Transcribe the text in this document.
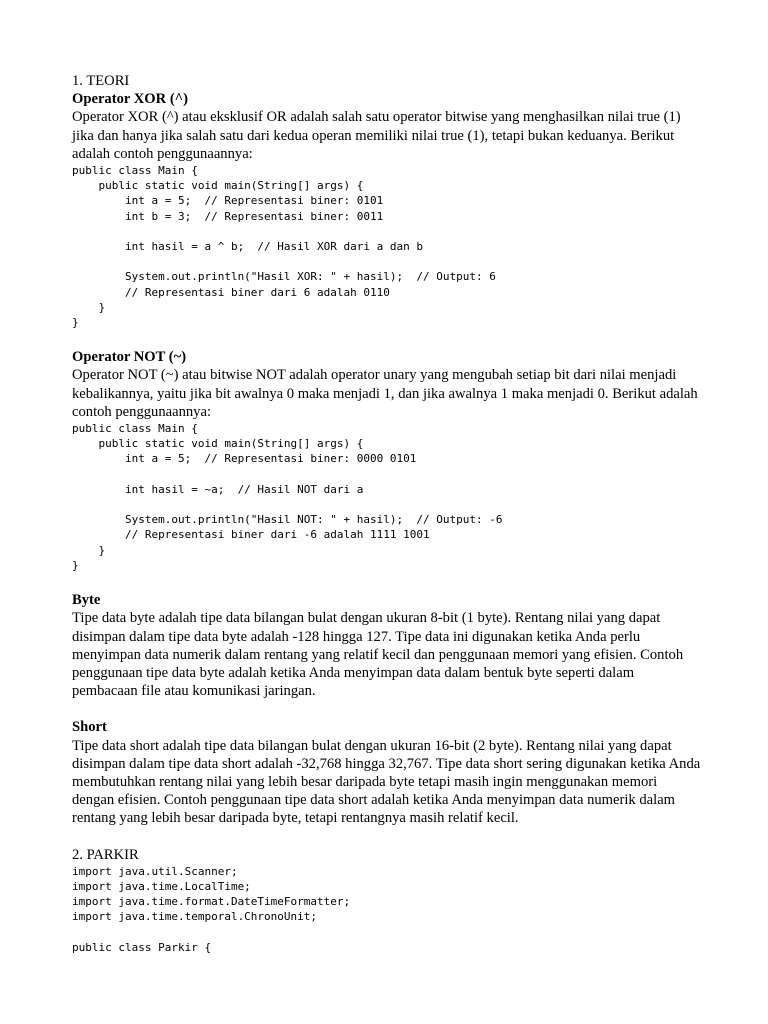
1. TEORI

Operator XOR (^)

Operator XOR (^) atau eksklusif OR adalah salah satu operator bitwise yang menghasilkan nilai true (1) jika dan hanya jika salah satu dari kedua operan memiliki nilai true (1), tetapi bukan keduanya. Berikut adalah contoh penggunaannya:

public class Main {
public static void main(String[] args) {
int a = 5;  // Representasi biner: 0101
int b = 3;  // Representasi biner: 0011

int hasil = a ^ b;  // Hasil XOR dari a dan b

System.out.println("Hasil XOR: " + hasil);  // Output: 6
// Representasi biner dari 6 adalah 0110
}
}

Operator NOT (~)

Operator NOT (~) atau bitwise NOT adalah operator unary yang mengubah setiap bit dari nilai menjadi kebalikannya, yaitu jika bit awalnya 0 maka menjadi 1, dan jika awalnya 1 maka menjadi 0. Berikut adalah contoh penggunaannya:

public class Main {
public static void main(String[] args) {
int a = 5;  // Representasi biner: 0000 0101

int hasil = ~a;  // Hasil NOT dari a

System.out.println("Hasil NOT: " + hasil);  // Output: -6
// Representasi biner dari -6 adalah 1111 1001
}
}

Byte

Tipe data byte adalah tipe data bilangan bulat dengan ukuran 8-bit (1 byte). Rentang nilai yang dapat disimpan dalam tipe data byte adalah -128 hingga 127. Tipe data ini digunakan ketika Anda perlu menyimpan data numerik dalam rentang yang relatif kecil dan penggunaan memori yang efisien. Contoh penggunaan tipe data byte adalah ketika Anda menyimpan data dalam bentuk byte seperti dalam pembacaan file atau komunikasi jaringan.

Short

Tipe data short adalah tipe data bilangan bulat dengan ukuran 16-bit (2 byte). Rentang nilai yang dapat disimpan dalam tipe data short adalah -32,768 hingga 32,767. Tipe data short sering digunakan ketika Anda membutuhkan rentang nilai yang lebih besar daripada byte tetapi masih ingin menggunakan memori dengan efisien. Contoh penggunaan tipe data short adalah ketika Anda menyimpan data numerik dalam rentang yang lebih besar daripada byte, tetapi rentangnya masih relatif kecil.

2. PARKIR

import java.util.Scanner;
import java.time.LocalTime;
import java.time.format.DateTimeFormatter;
import java.time.temporal.ChronoUnit;

public class Parkir {
